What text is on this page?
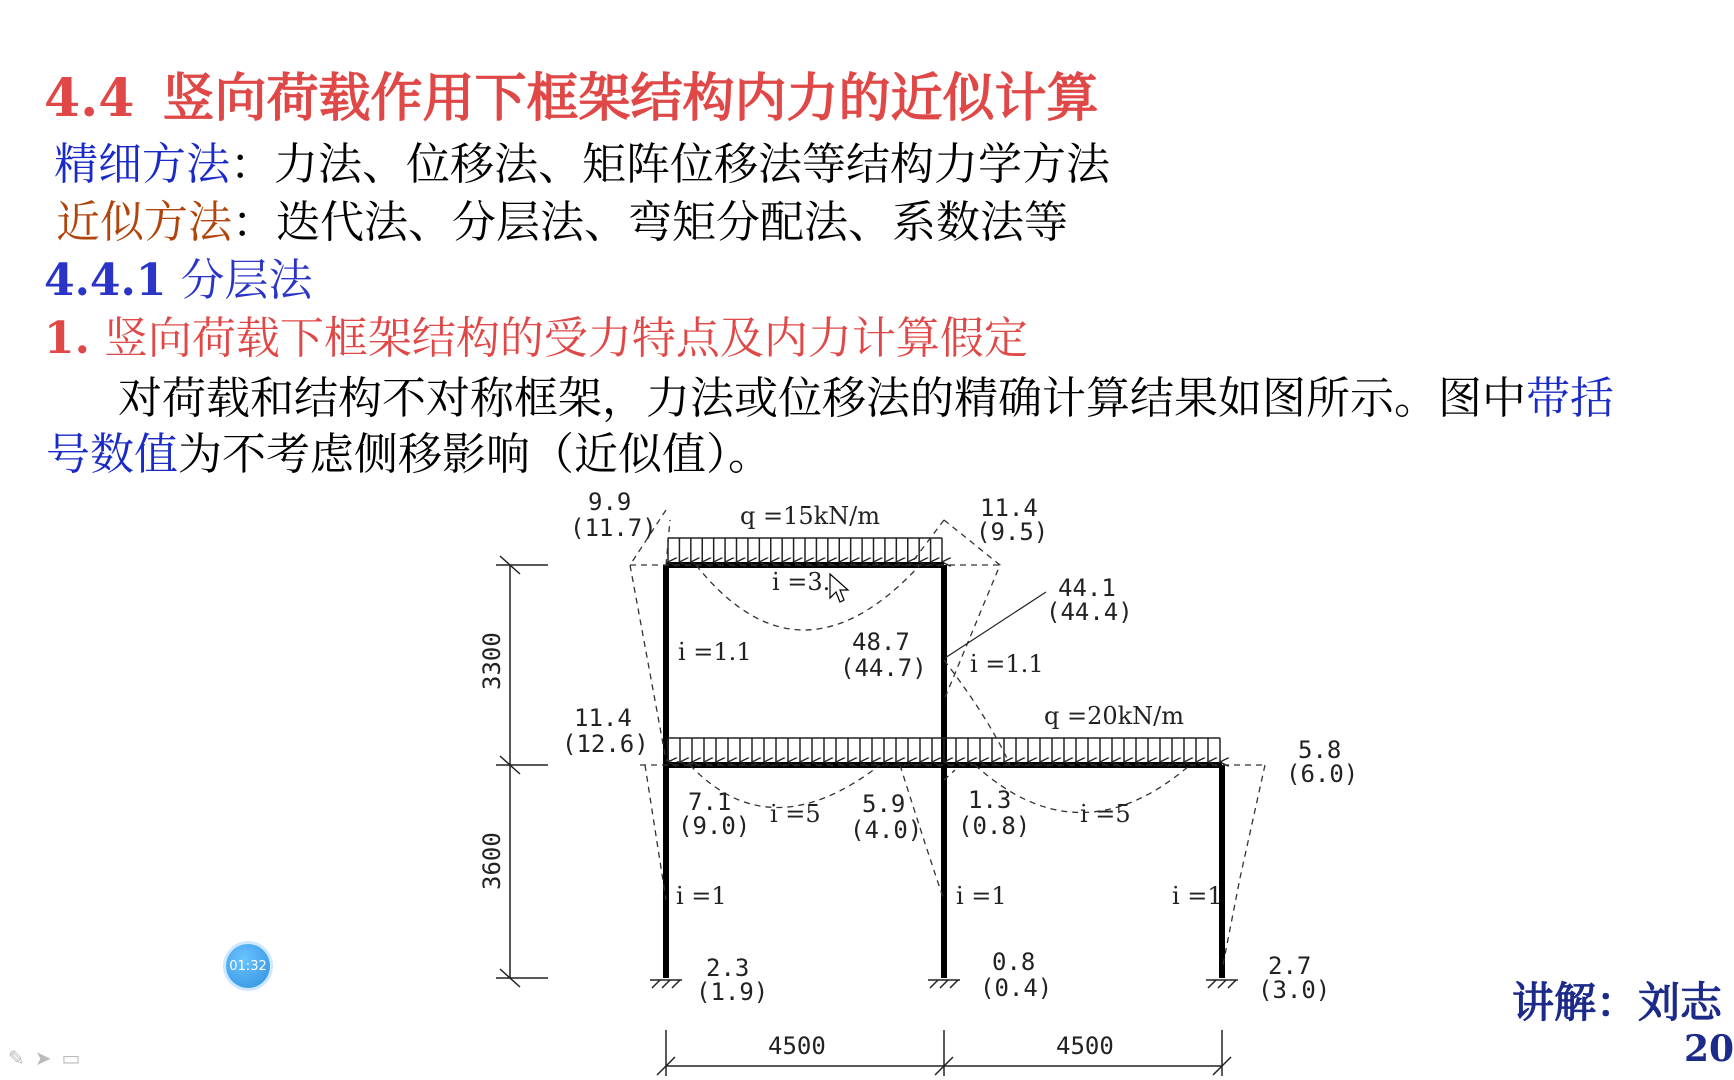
4.4 竖向荷载作用下框架结构内力的近似计算
精细方法：力法、位移法、矩阵位移法等结构力学方法
近似方法：迭代法、分层法、弯矩分配法、系数法等
4.4.1 分层法
1. 竖向荷载下框架结构的受力特点及内力计算假定
对荷载和结构不对称框架，力法或位移法的精确计算结果如图所示。图中带括
号数值为不考虑侧移影响（近似值）。
3300
3600
4500	4500
q =15kN/m
q =20kN/m
i =3.
i =1.1	i =1.1
i =5	i =5
i =1	i =1	i =1
9.9
(11.7)
11.4
(9.5)
44.1
(44.4)
48.7
(44.7)
11.4
(12.6)	5.8
(6.0)
7.1
(9.0)
5.9
(4.0)
1.3
(0.8)
2.3
(1.9)
0.8
(0.4)
2.7
(3.0)	讲解：刘志
20
01:32
✎ ➤ ▭
